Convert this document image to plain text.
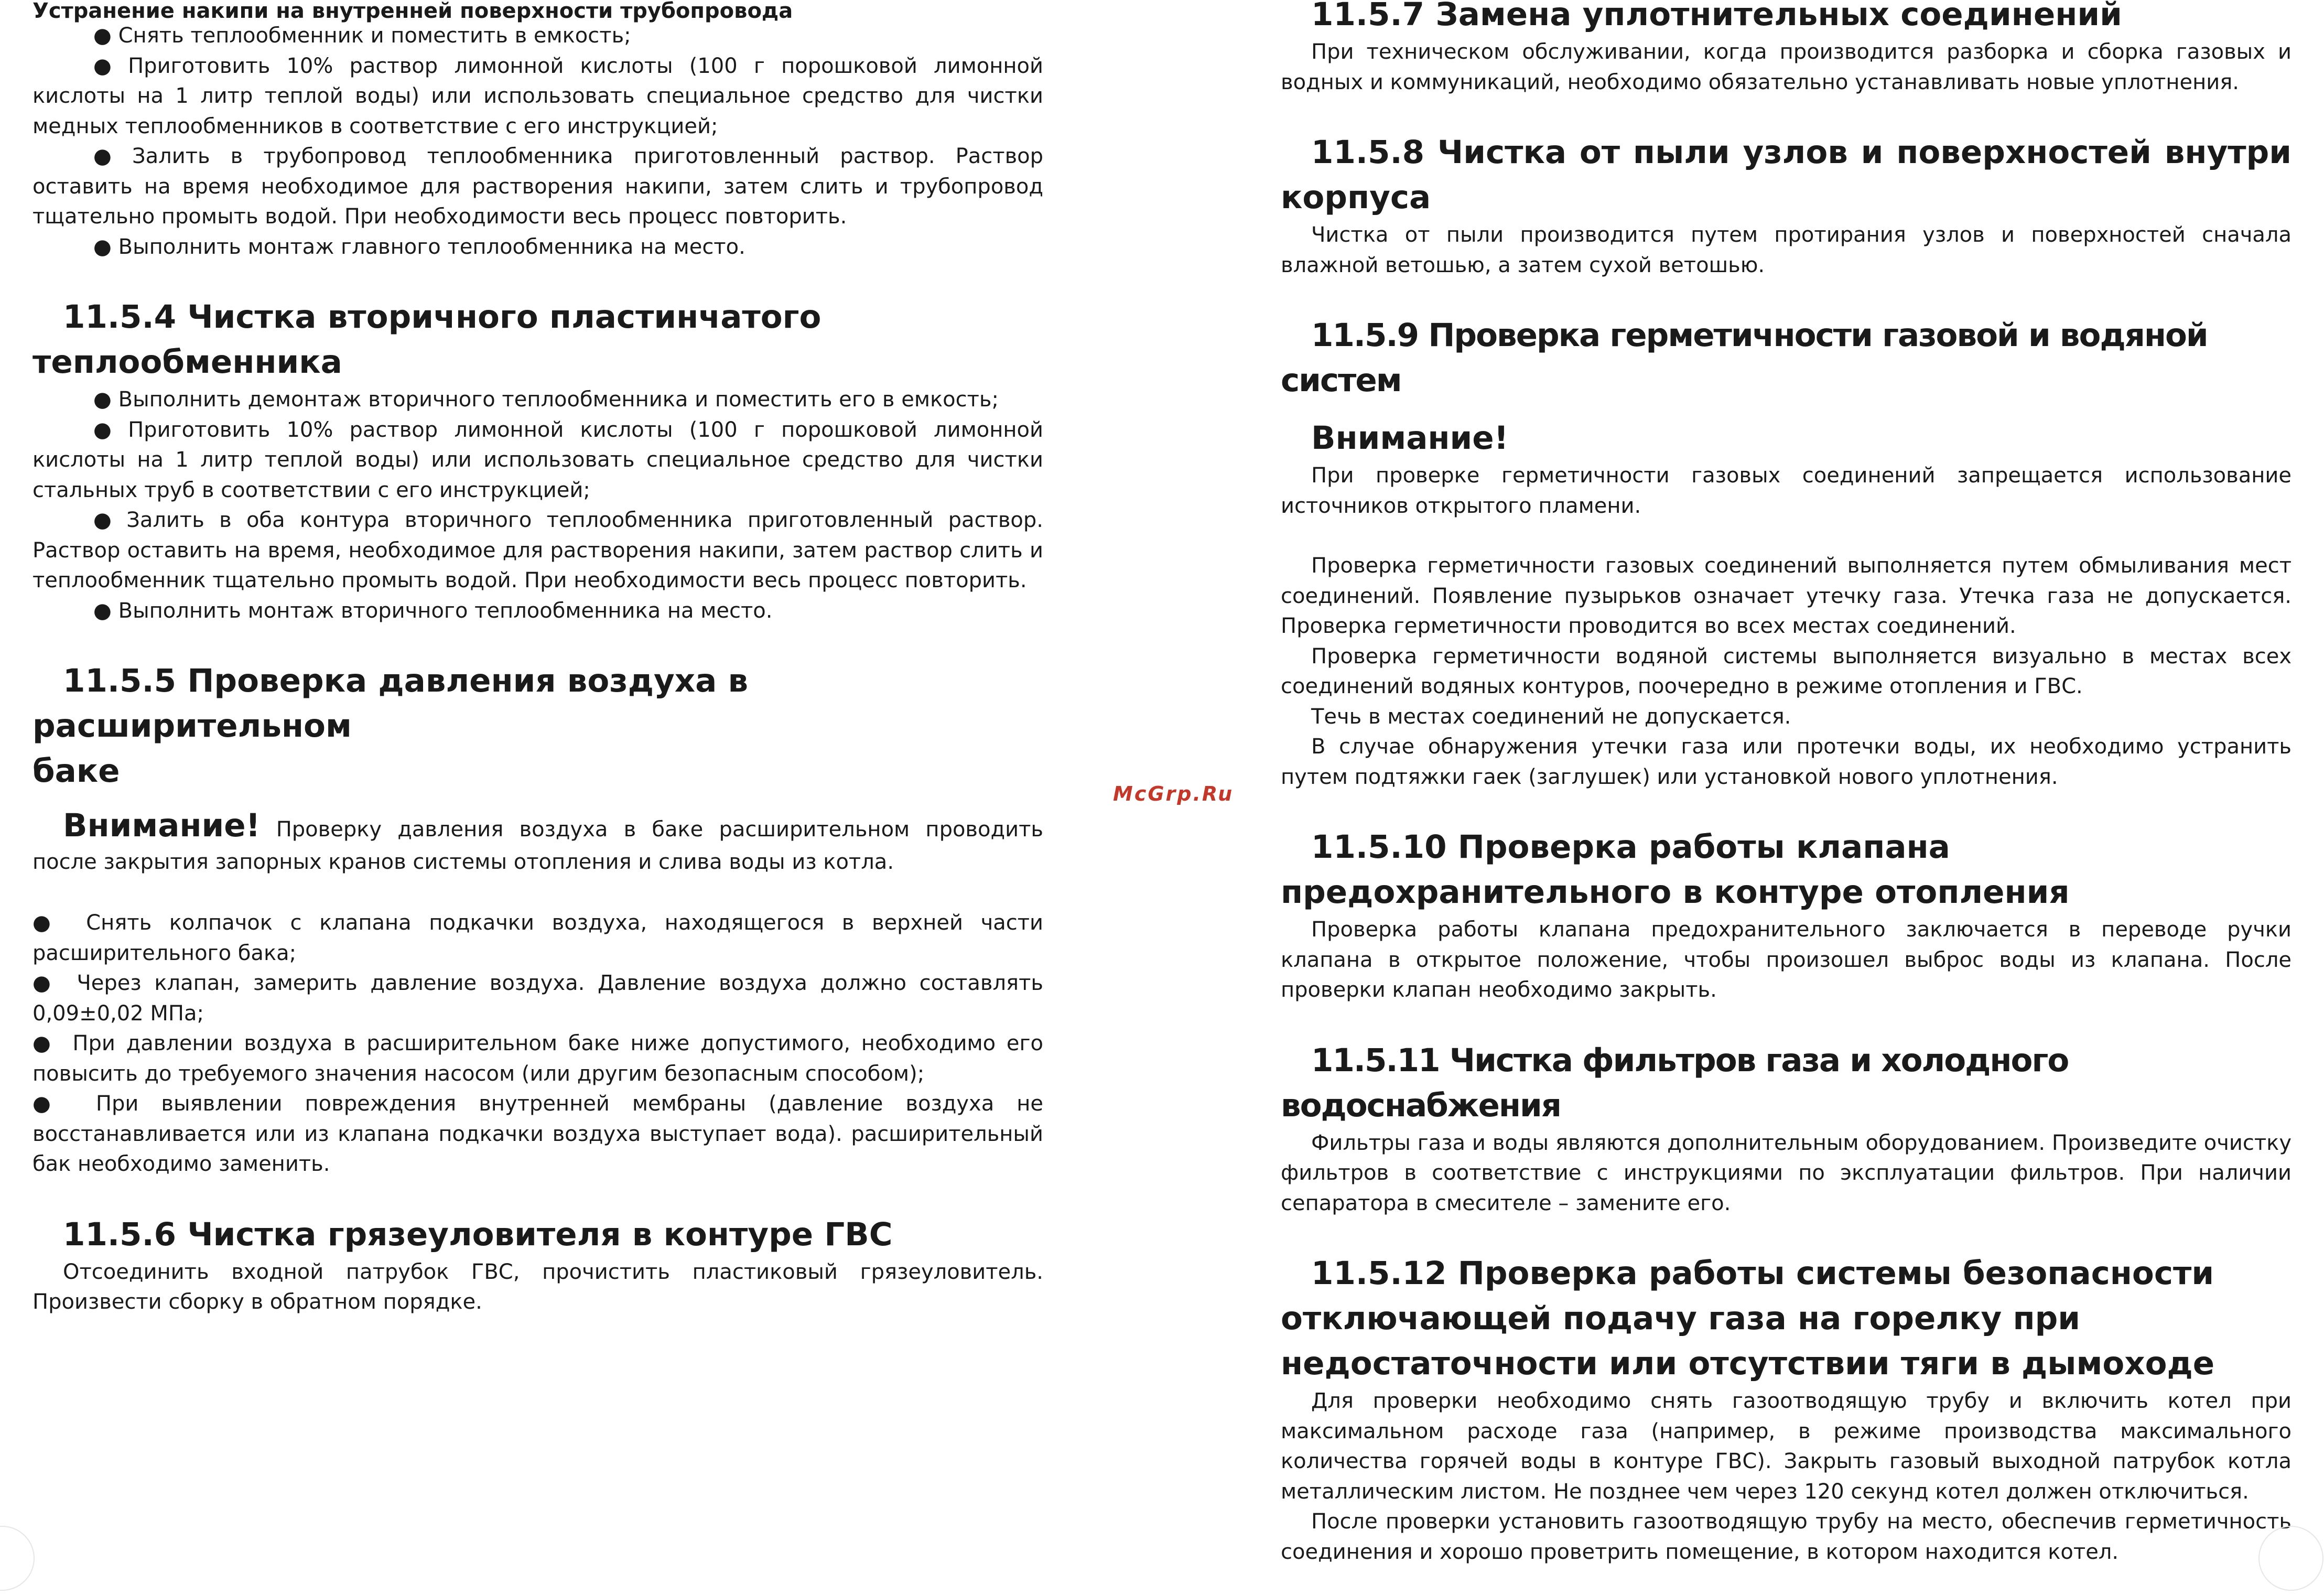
Устранение накипи на внутренней поверхности трубопровода

● Снять теплообменник и поместить в емкость;

● Приготовить 10% раствор лимонной кислоты (100 г порошковой лимонной кислоты на 1 литр теплой воды) или использовать специальное средство для чистки медных теплообменников в соответствие с его инструкцией;

● Залить в трубопровод теплообменника приготовленный раствор. Раствор оставить на время необходимое для растворения накипи, затем слить и трубопровод тщательно промыть водой. При необходимости весь процесс повторить.

● Выполнить монтаж главного теплообменника на место.

11.5.4 Чистка вторичного пластинчатого
теплообменника

● Выполнить демонтаж вторичного теплообменника и поместить его в емкость;

● Приготовить 10% раствор лимонной кислоты (100 г порошковой лимонной кислоты на 1 литр теплой воды) или использовать специальное средство для чистки стальных труб в соответствии с его инструкцией;

● Залить в оба контура вторичного теплообменника приготовленный раствор. Раствор оставить на время, необходимое для растворения накипи, затем раствор слить и теплообменник тщательно промыть водой. При необходимости весь процесс повторить.

● Выполнить монтаж вторичного теплообменника на место.

11.5.5 Проверка давления воздуха в расширительном
баке

Внимание! Проверку давления воздуха в баке расширительном проводить после закрытия запорных кранов системы отопления и слива воды из котла.

● Снять колпачок с клапана подкачки воздуха, находящегося в верхней части расширительного бака;

● Через клапан, замерить давление воздуха. Давление воздуха должно составлять 0,09±0,02 МПа;

● При давлении воздуха в расширительном баке ниже допустимого, необходимо его повысить до требуемого значения насосом (или другим безопасным способом);

● При выявлении повреждения внутренней мембраны (давление воздуха не восстанавливается или из клапана подкачки воздуха выступает вода). расширительный бак необходимо заменить.

11.5.6 Чистка грязеуловителя в контуре ГВС

Отсоединить входной патрубок ГВС, прочистить пластиковый грязеуловитель. Произвести сборку в обратном порядке.

McGrp.Ru
11.5.7 Замена уплотнительных соединений

При техническом обслуживании, когда производится разборка и сборка газовых и водных и коммуникаций, необходимо обязательно устанавливать новые уплотнения.

11.5.8 Чистка от пыли узлов и поверхностей внутри корпуса

Чистка от пыли производится путем протирания узлов и поверхностей сначала влажной ветошью, а затем сухой ветошью.

11.5.9 Проверка герметичности газовой и водяной систем
Внимание!

При проверке герметичности газовых соединений запрещается использование источников открытого пламени.

Проверка герметичности газовых соединений выполняется путем обмыливания мест соединений. Появление пузырьков означает утечку газа. Утечка газа не допускается. Проверка герметичности проводится во всех местах соединений.

Проверка герметичности водяной системы выполняется визуально в местах всех соединений водяных контуров, поочередно в режиме отопления и ГВС.

Течь в местах соединений не допускается.

В случае обнаружения утечки газа или протечки воды, их необходимо устранить путем подтяжки гаек (заглушек) или установкой нового уплотнения.

11.5.10 Проверка работы клапана предохранительного в контуре отопления

Проверка работы клапана предохранительного заключается в переводе ручки клапана в открытое положение, чтобы произошел выброс воды из клапана. После проверки клапан необходимо закрыть.

11.5.11 Чистка фильтров газа и холодного водоснабжения

Фильтры газа и воды являются дополнительным оборудованием. Произведите очистку фильтров в соответствие с инструкциями по эксплуатации фильтров. При наличии сепаратора в смесителе – замените его.

11.5.12 Проверка работы системы безопасности
отключающей подачу газа на горелку при
недостаточности или отсутствии тяги в дымоходе

Для проверки необходимо снять газоотводящую трубу и включить котел при максимальном расходе газа (например, в режиме производства максимального количества горячей воды в контуре ГВС). Закрыть газовый выходной патрубок котла металлическим листом. Не позднее чем через 120 секунд котел должен отключиться.

После проверки установить газоотводящую трубу на место, обеспечив герметичность соединения и хорошо проветрить помещение, в котором находится котел.
